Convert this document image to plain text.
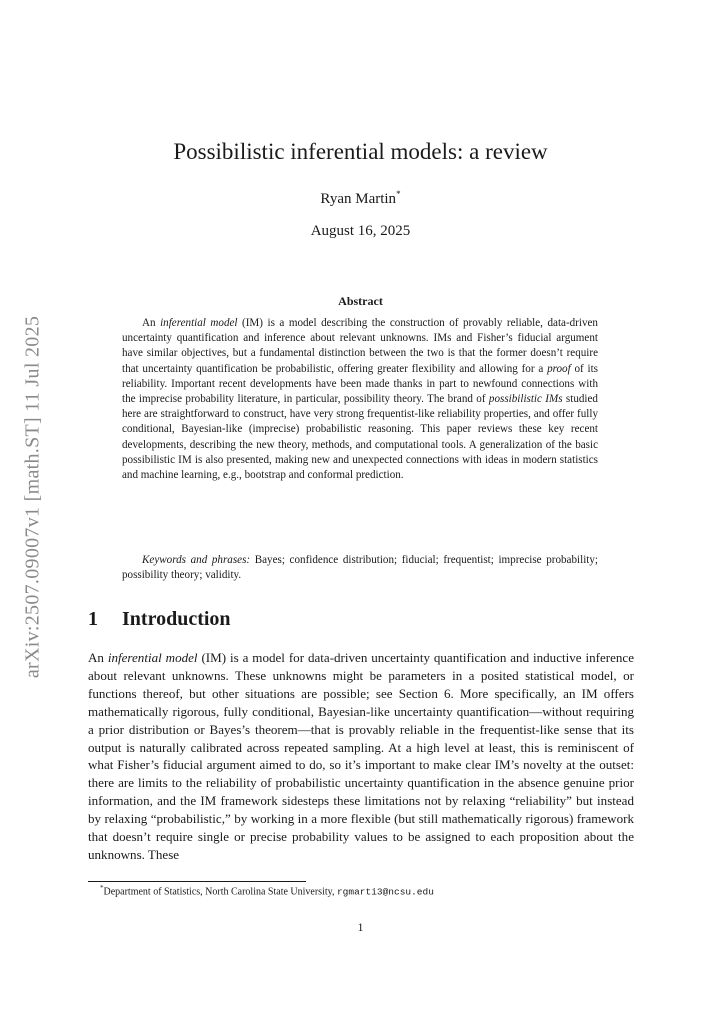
arXiv:2507.09007v1 [math.ST] 11 Jul 2025
Possibilistic inferential models: a review
Ryan Martin*
August 16, 2025
Abstract

An inferential model (IM) is a model describing the construction of provably reliable, data-driven uncertainty quantification and inference about relevant unknowns. IMs and Fisher’s fiducial argument have similar objectives, but a fundamental distinction between the two is that the former doesn’t require that uncertainty quantification be probabilistic, offering greater flexibility and allowing for a proof of its reliability. Important recent developments have been made thanks in part to newfound connections with the imprecise probability literature, in particular, possibility theory. The brand of possibilistic IMs studied here are straightforward to construct, have very strong frequentist-like reliability properties, and offer fully conditional, Bayesian-like (imprecise) probabilistic reasoning. This paper reviews these key recent developments, describing the new theory, methods, and computational tools. A generalization of the basic possibilistic IM is also presented, making new and unexpected connections with ideas in modern statistics and machine learning, e.g., bootstrap and conformal prediction.

Keywords and phrases: Bayes; confidence distribution; fiducial; frequentist; imprecise probability; possibility theory; validity.

1 Introduction

An inferential model (IM) is a model for data-driven uncertainty quantification and inductive inference about relevant unknowns. These unknowns might be parameters in a posited statistical model, or functions thereof, but other situations are possible; see Section 6. More specifically, an IM offers mathematically rigorous, fully conditional, Bayesian-like uncertainty quantification—without requiring a prior distribution or Bayes’s theorem—that is provably reliable in the frequentist-like sense that its output is naturally calibrated across repeated sampling. At a high level at least, this is reminiscent of what Fisher’s fiducial argument aimed to do, so it’s important to make clear IM’s novelty at the outset: there are limits to the reliability of probabilistic uncertainty quantification in the absence genuine prior information, and the IM framework sidesteps these limitations not by relaxing “reliability” but instead by relaxing “probabilistic,” by working in a more flexible (but still mathematically rigorous) framework that doesn’t require single or precise probability values to be assigned to each proposition about the unknowns. These

*Department of Statistics, North Carolina State University, rgmarti3@ncsu.edu
1
